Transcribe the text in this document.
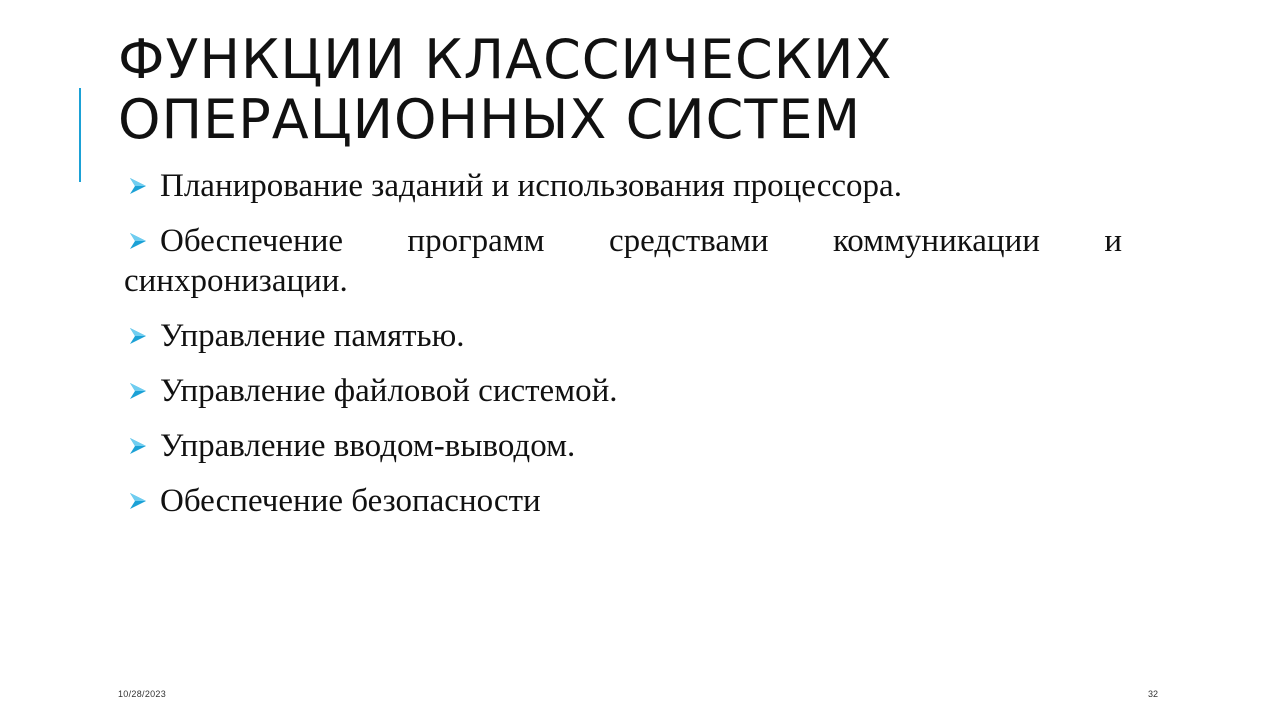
ФУНКЦИИ КЛАССИЧЕСКИХ
ОПЕРАЦИОННЫХ СИСТЕМ
Планирование заданий и использования процессора.
Обеспечение программ средствами коммуникации и синхронизации.
Управление памятью.
Управление файловой системой.
Управление вводом-выводом.
Обеспечение безопасности
10/28/2023	32
